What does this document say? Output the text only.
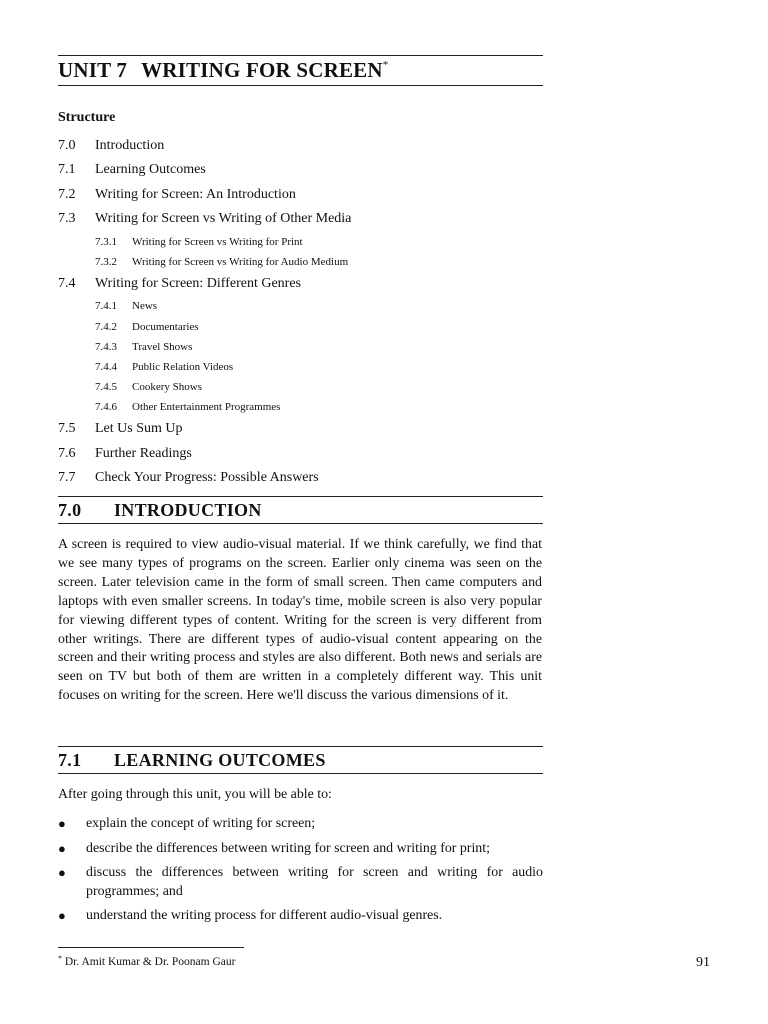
UNIT 7 WRITING FOR SCREEN*
Structure
7.0 Introduction
7.1 Learning Outcomes
7.2 Writing for Screen: An Introduction
7.3 Writing for Screen vs Writing of Other Media
7.3.1 Writing for Screen vs Writing for Print
7.3.2 Writing for Screen vs Writing for Audio Medium
7.4 Writing for Screen: Different Genres
7.4.1 News
7.4.2 Documentaries
7.4.3 Travel Shows
7.4.4 Public Relation Videos
7.4.5 Cookery Shows
7.4.6 Other Entertainment Programmes
7.5 Let Us Sum Up
7.6 Further Readings
7.7 Check Your Progress: Possible Answers
7.0 INTRODUCTION

A screen is required to view audio-visual material. If we think carefully, we find that we see many types of programs on the screen. Earlier only cinema was seen on the screen. Later television came in the form of small screen. Then came computers and laptops with even smaller screens. In today's time, mobile screen is also very popular for viewing different types of content. Writing for the screen is very different from other writings. There are different types of audio-visual content appearing on the screen and their writing process and styles are also different. Both news and serials are seen on TV but both of them are written in a completely different way. This unit focuses on writing for the screen. Here we'll discuss the various dimensions of it.

7.1 LEARNING OUTCOMES
After going through this unit, you will be able to:
● explain the concept of writing for screen;
● describe the differences between writing for screen and writing for print;
● discuss the differences between writing for screen and writing for audio programmes; and
● understand the writing process for different audio-visual genres.
* Dr. Amit Kumar & Dr. Poonam Gaur	91
